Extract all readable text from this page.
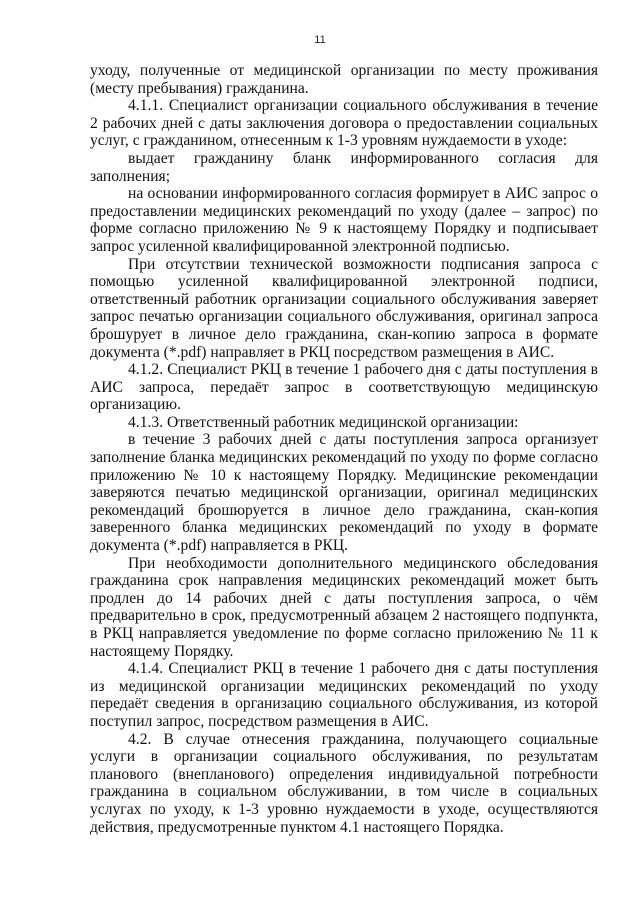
11

уходу, полученные от медицинской организации по месту проживания (месту пребывания) гражданина.

4.1.1. Специалист организации социального обслуживания в течение 2 рабочих дней с даты заключения договора о предоставлении социальных услуг, с гражданином, отнесенным к 1-3 уровням нуждаемости в уходе:

выдает гражданину бланк информированного согласия для заполнения;

на основании информированного согласия формирует в АИС запрос о предоставлении медицинских рекомендаций по уходу (далее – запрос) по форме согласно приложению № 9 к настоящему Порядку и подписывает запрос усиленной квалифицированной электронной подписью.

При отсутствии технической возможности подписания запроса с помощью усиленной квалифицированной электронной подписи, ответственный работник организации социального обслуживания заверяет запрос печатью организации социального обслуживания, оригинал запроса брошурует в личное дело гражданина, скан-копию запроса в формате документа (*.pdf) направляет в РКЦ посредством размещения в АИС.

4.1.2. Специалист РКЦ в течение 1 рабочего дня с даты поступления в АИС запроса, передаёт запрос в соответствующую медицинскую организацию.

4.1.3. Ответственный работник медицинской организации:

в течение 3 рабочих дней с даты поступления запроса организует заполнение бланка медицинских рекомендаций по уходу по форме согласно приложению № 10 к настоящему Порядку. Медицинские рекомендации заверяются печатью медицинской организации, оригинал медицинских рекомендаций брошюруется в личное дело гражданина, скан-копия заверенного бланка медицинских рекомендаций по уходу в формате документа (*.pdf) направляется в РКЦ.

При необходимости дополнительного медицинского обследования гражданина срок направления медицинских рекомендаций может быть продлен до 14 рабочих дней с даты поступления запроса, о чём предварительно в срок, предусмотренный абзацем 2 настоящего подпункта, в РКЦ направляется уведомление по форме согласно приложению № 11 к настоящему Порядку.

4.1.4. Специалист РКЦ в течение 1 рабочего дня с даты поступления из медицинской организации медицинских рекомендаций по уходу передаёт сведения в организацию социального обслуживания, из которой поступил запрос, посредством размещения в АИС.

4.2. В случае отнесения гражданина, получающего социальные услуги в организации социального обслуживания, по результатам планового (внепланового) определения индивидуальной потребности гражданина в социальном обслуживании, в том числе в социальных услугах по уходу, к 1-3 уровню нуждаемости в уходе, осуществляются действия, предусмотренные пунктом 4.1 настоящего Порядка.
